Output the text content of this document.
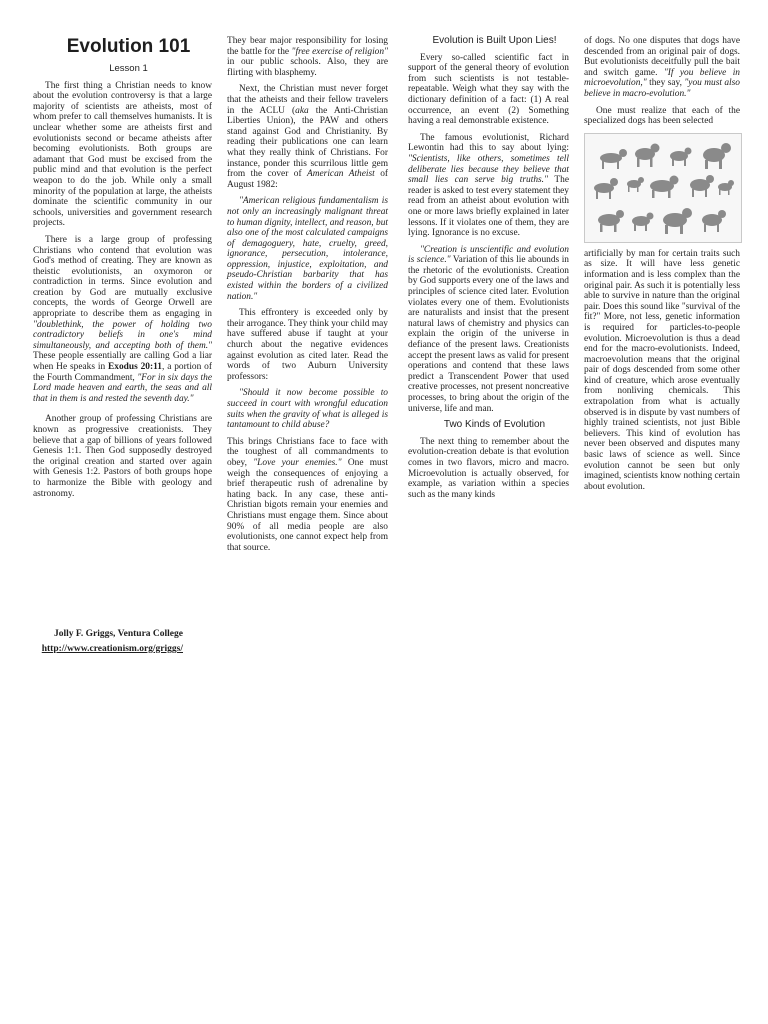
Evolution 101

Lesson 1

The first thing a Christian needs to know about the evolution controversy is that a large majority of scientists are atheists, most of whom prefer to call themselves humanists. It is unclear whether some are atheists first and evolutionists second or became atheists after becoming evolutionists. Both groups are adamant that God must be excised from the public mind and that evolution is the perfect weapon to do the job. While only a small minority of the population at large, the atheists dominate the scientific community in our schools, universities and government research projects.

There is a large group of professing Christians who contend that evolution was God's method of creating. They are known as theistic evolutionists, an oxymoron or contradiction in terms. Since evolution and creation by God are mutually exclusive concepts, the words of George Orwell are appropriate to describe them as engaging in "doublethink, the power of holding two contradictory beliefs in one's mind simultaneously, and accepting both of them." These people essentially are calling God a liar when He speaks in Exodus 20:11, a portion of the Fourth Commandment, "For in six days the Lord made heaven and earth, the seas and all that in them is and rested the seventh day."

Another group of professing Christians are known as progressive creationists. They believe that a gap of billions of years followed Genesis 1:1. Then God supposedly destroyed the original creation and started over again with Genesis 1:2. Pastors of both groups hope to harmonize the Bible with geology and astronomy.

Jolly F. Griggs, Ventura College
http://www.creationism.org/griggs/

They bear major responsibility for losing the battle for the "free exercise of religion" in our public schools. Also, they are flirting with blasphemy.

Next, the Christian must never forget that the atheists and their fellow travelers in the ACLU (aka the Anti-Christian Liberties Union), the PAW and others stand against God and Christianity. By reading their publications one can learn what they really think of Christians. For instance, ponder this scurrilous little gem from the cover of American Atheist of August 1982:

"American religious fundamentalism is not only an increasingly malignant threat to human dignity, intellect, and reason, but also one of the most calculated campaigns of demagoguery, hate, cruelty, greed, ignorance, persecution, intolerance, oppression, injustice, exploitation, and pseudo-Christian barbarity that has existed within the borders of a civilized nation."

This effrontery is exceeded only by their arrogance. They think your child may have suffered abuse if taught at your church about the negative evidences against evolution as cited later. Read the words of two Auburn University professors:

"Should it now become possible to succeed in court with wrongful education suits when the gravity of what is alleged is tantamount to child abuse?

This brings Christians face to face with the toughest of all commandments to obey, "Love your enemies." One must weigh the consequences of enjoying a brief therapeutic rush of adrenaline by hating back. In any case, these anti-Christian bigots remain your enemies and Christians must engage them. Since about 90% of all media people are also evolutionists, one cannot expect help from that source.

Evolution is Built Upon Lies!

Every so-called scientific fact in support of the general theory of evolution from such scientists is not testable-repeatable. Weigh what they say with the dictionary definition of a fact: (1) A real occurrence, an event (2) Something having a real demonstrable existence.

The famous evolutionist, Richard Lewontin had this to say about lying: "Scientists, like others, sometimes tell deliberate lies because they believe that small lies can serve big truths." The reader is asked to test every statement they read from an atheist about evolution with one or more laws briefly explained in later lessons. If it violates one of them, they are lying. Ignorance is no excuse.

"Creation is unscientific and evolution is science." Variation of this lie abounds in the rhetoric of the evolutionists. Creation by God supports every one of the laws and principles of science cited later. Evolution violates every one of them. Evolutionists are naturalists and insist that the present natural laws of chemistry and physics can explain the origin of the universe in defiance of the present laws. Creationists accept the present laws as valid for present operations and contend that these laws predict a Transcendent Power that used creative processes, not present noncreative processes, to bring about the origin of the universe, life and man.

Two Kinds of Evolution

The next thing to remember about the evolution-creation debate is that evolution comes in two flavors, micro and macro. Microevolution is actually observed, for example, as variation within a species such as the many kinds

of dogs. No one disputes that dogs have descended from an original pair of dogs. But evolutionists deceitfully pull the bait and switch game. "If you believe in microevolution," they say, "you must also believe in macro-evolution."

One must realize that each of the specialized dogs has been selected

artificially by man for certain traits such as size. It will have less genetic information and is less complex than the original pair. As such it is potentially less able to survive in nature than the original pair. Does this sound like "survival of the fit?" More, not less, genetic information is required for particles-to-people evolution. Microevolution is thus a dead end for the macro-evolutionists. Indeed, macroevolution means that the original pair of dogs descended from some other kind of creature, which arose eventually from nonliving chemicals. This extrapolation from what is actually observed is in dispute by vast numbers of highly trained scientists, not just Bible believers. This kind of evolution has never been observed and disputes many basic laws of science as well. Since evolution cannot be seen but only imagined, scientists know nothing certain about evolution.
